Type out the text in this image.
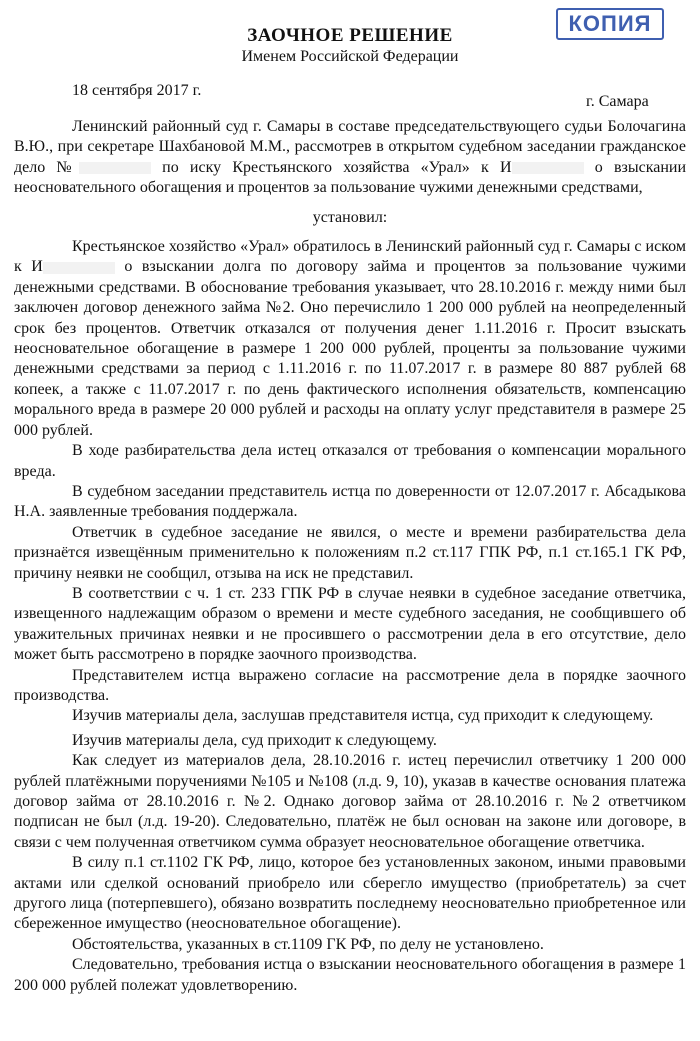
КОПИЯ
ЗАОЧНОЕ РЕШЕНИЕ
Именем Российской Федерации
18 сентября 2017 г.
г. Самара

Ленинский районный суд г. Самары в составе председательствующего судьи Болочагина В.Ю., при секретаре Шахбановой М.М., рассмотрев в открытом судебном заседании гражданское дело №	по иску Крестьянского хозяйства «Урал» к И	о взыскании неосновательного обогащения и процентов за пользование чужими денежными средствами,

установил:

Крестьянское хозяйство «Урал» обратилось в Ленинский районный суд г. Самары с иском к И	о взыскании долга по договору займа и процентов за пользование чужими денежными средствами. В обоснование требования указывает, что 28.10.2016 г. между ними был заключен договор денежного займа №2. Оно перечислило 1 200 000 рублей на неопределенный срок без процентов. Ответчик отказался от получения денег 1.11.2016 г. Просит взыскать неосновательное обогащение в размере 1 200 000 рублей, проценты за пользование чужими денежными средствами за период с 1.11.2016 г. по 11.07.2017 г. в размере 80 887 рублей 68 копеек, а также с 11.07.2017 г. по день фактического исполнения обязательств, компенсацию морального вреда в размере 20 000 рублей и расходы на оплату услуг представителя в размере 25 000 рублей.

В ходе разбирательства дела истец отказался от требования о компенсации морального вреда.

В судебном заседании представитель истца по доверенности от 12.07.2017 г. Абсадыкова Н.А. заявленные требования поддержала.

Ответчик в судебное заседание не явился, о месте и времени разбирательства дела признаётся извещённым применительно к положениям п.2 ст.117 ГПК РФ, п.1 ст.165.1 ГК РФ, причину неявки не сообщил, отзыва на иск не представил.

В соответствии с ч. 1 ст. 233 ГПК РФ в случае неявки в судебное заседание ответчика, извещенного надлежащим образом о времени и месте судебного заседания, не сообщившего об уважительных причинах неявки и не просившего о рассмотрении дела в его отсутствие, дело может быть рассмотрено в порядке заочного производства.

Представителем истца выражено согласие на рассмотрение дела в порядке заочного производства.

Изучив материалы дела, заслушав представителя истца, суд приходит к следующему.

Изучив материалы дела, суд приходит к следующему.

Как следует из материалов дела, 28.10.2016 г. истец перечислил ответчику 1 200 000 рублей платёжными поручениями №105 и №108 (л.д. 9, 10), указав в качестве основания платежа договор займа от 28.10.2016 г. №2. Однако договор займа от 28.10.2016 г. №2 ответчиком подписан не был (л.д. 19-20). Следовательно, платёж не был основан на законе или договоре, в связи с чем полученная ответчиком сумма образует неосновательное обогащение ответчика.

В силу п.1 ст.1102 ГК РФ, лицо, которое без установленных законом, иными правовыми актами или сделкой оснований приобрело или сберегло имущество (приобретатель) за счет другого лица (потерпевшего), обязано возвратить последнему неосновательно приобретенное или сбереженное имущество (неосновательное обогащение).

Обстоятельства, указанных в ст.1109 ГК РФ, по делу не установлено.

Следовательно, требования истца о взыскании неосновательного обогащения в размере 1 200 000 рублей полежат удовлетворению.
